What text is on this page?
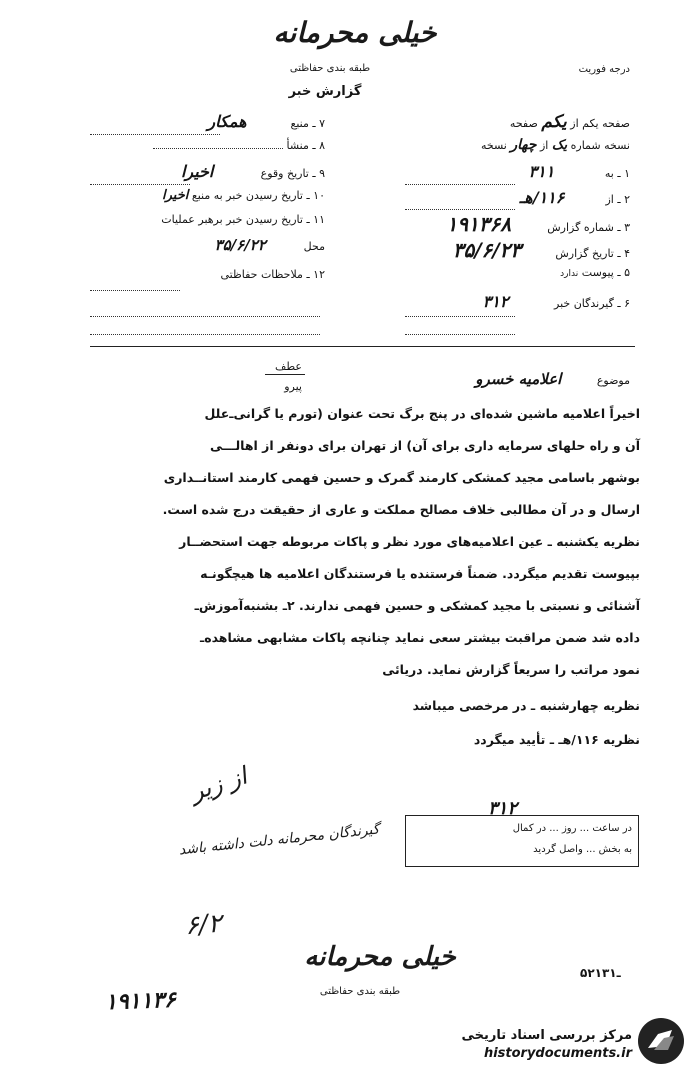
خیلی محرمانه
طبقه بندی حفاظتی	درجه فوریت
گزارش خبر
صفحه یکم از یکم صفحه
نسخه شماره یک از چهار نسخه
۱ ـ به ۳۱۱
۲ ـ از ۱۱۶/هـ
۳ ـ شماره گزارش ۱۹۱۳۶۸
۴ ـ تاریخ گزارش ۳۵/۶/۲۳
۵ ـ پیوست ندارد
۶ ـ گیرندگان خبر ۳۱۲
۷ ـ منبع همکار
۸ ـ منشأ
۹ ـ تاریخ وقوع اخیرا
۱۰ ـ تاریخ رسیدن خبر به منبع اخیرا
۱۱ ـ تاریخ رسیدن خبر برهبر عملیات
محل ۳۵/۶/۲۲
۱۲ ـ ملاحظات حفاظتی
عطف
پیرو	موضوع اعلامیه خسرو
اخیراً اعلامیه ماشین شده‌ای در پنج برگ تحت عنوان (تورم یا گرانی‌ـ‌علل
آن و راه حلهای سرمایه داری برای آن) از تهران برای دونفر از اهالـــی
بوشهر باسامی مجید کمشکی کارمند گمرک و حسین فهمی کارمند استانــداری
ارسال و در آن مطالبی خلاف مصالح مملکت و عاری از حقیقت درج شده است.
نظریه یکشنبه ـ عین اعلامیه‌های مورد نظر و پاکات مربوطه جهت استحضــار
بپیوست تقدیم میگردد. ضمناً فرستنده یا فرستندگان اعلامیه ها هیچگونـه
آشنائی و نسبتی با مجید کمشکی و حسین فهمی ندارند. ۲ـ بشنبه‌آموزش‌ـ
داده شد ضمن مراقبت بیشتر سعی نماید چنانچه پاکات مشابهی مشاهده‌ـ
نمود مراتب را سریعاً گزارش نماید. دریائی
نظریه چهارشنبه ـ در مرخصی میباشد
نظریه ۱۱۶/هـ ـ تأیید میگردد
در ساعت ... روز ... در کمال
به بخش ... واصل گردید
۳۱۲
از زیر
گیرندگان محرمانه دلت داشته باشد
۶/۲
خیلی محرمانه
طبقه بندی حفاظتی
۵۲ـ۱۳۱
۱۹۱۱۳۶
مرکز بررسی اسناد تاریخی
historydocuments.ir
